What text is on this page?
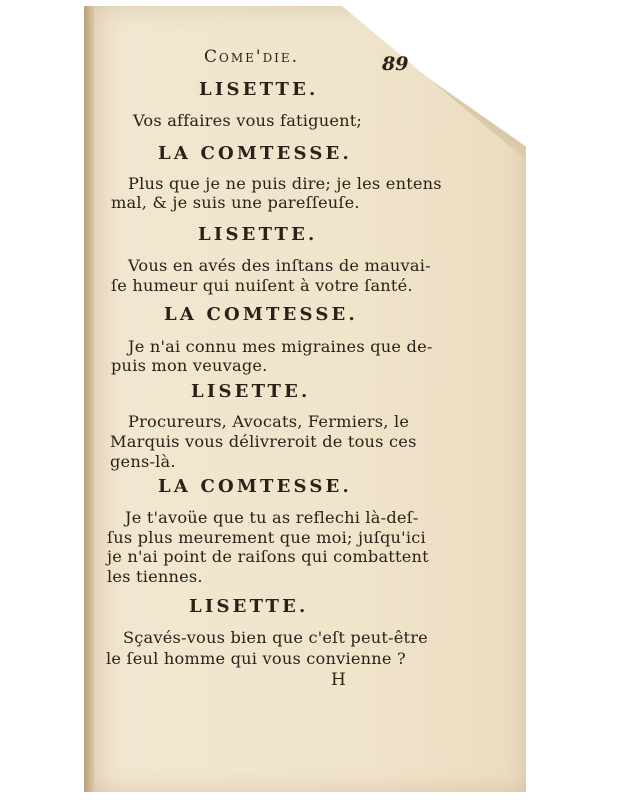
Come'die.	89
LISETTE.
Vos affaires vous fatiguent;
LA COMTESSE.
Plus que je ne puis dire; je les entens
mal, & je suis une pareſſeuſe.
LISETTE.
Vous en avés des inſtans de mauvai-
ſe humeur qui nuiſent à votre ſanté.
LA COMTESSE.
Je n'ai connu mes migraines que de-
puis mon veuvage.
LISETTE.
Procureurs, Avocats, Fermiers, le
Marquis vous délivreroit de tous ces
gens-là.
LA COMTESSE.
Je t'avoüe que tu as reflechi là-deſ-
ſus plus meurement que moi; juſqu'ici
je n'ai point de raiſons qui combattent
les tiennes.
LISETTE.
Sçavés-vous bien que c'eſt peut-être
le ſeul homme qui vous convienne ?
H
